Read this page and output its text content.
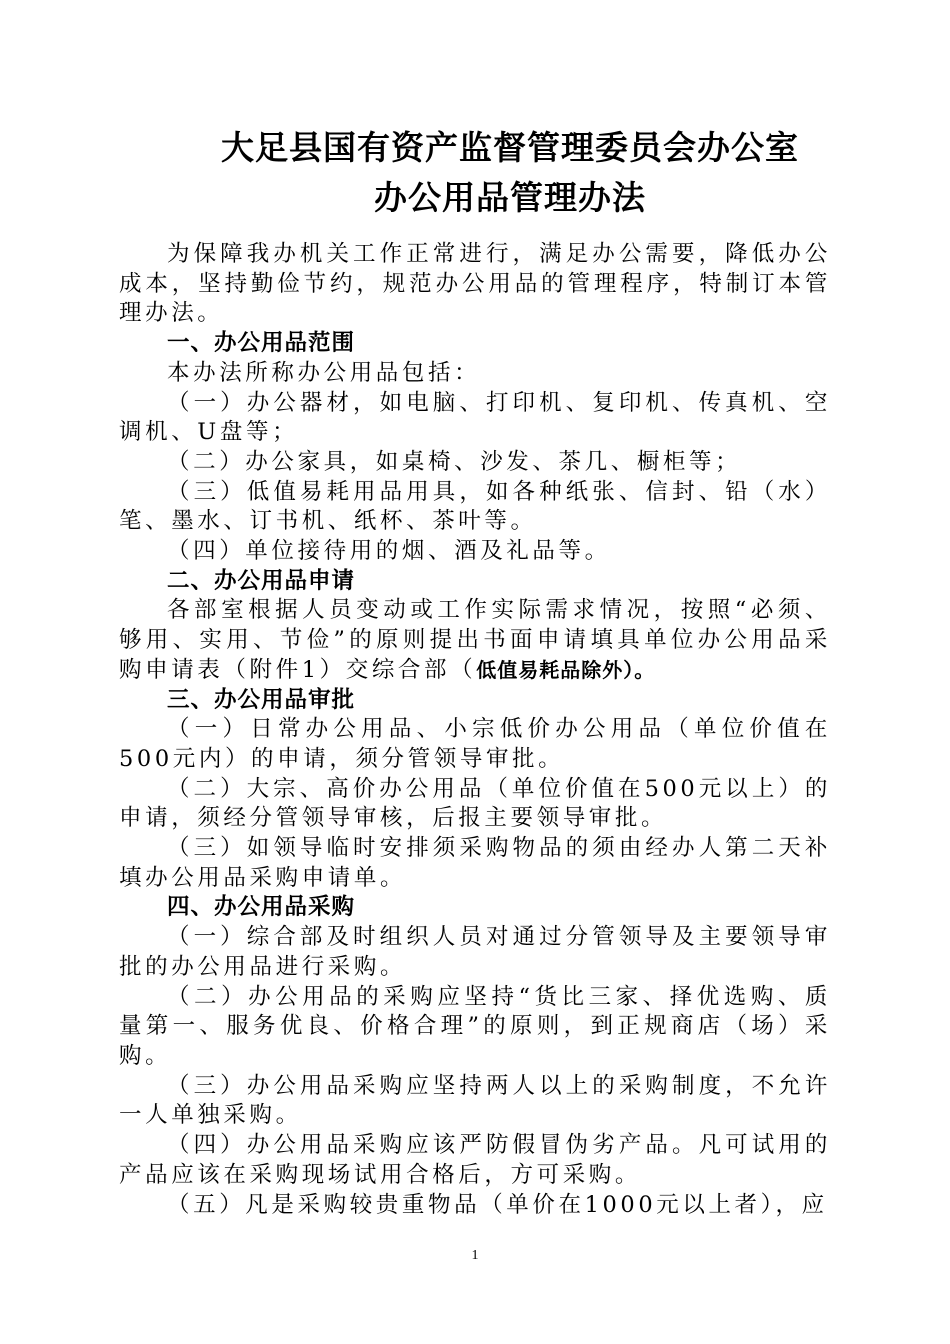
大足县国有资产监督管理委员会办公室
办公用品管理办法

为保障我办机关工作正常进行，满足办公需要，降低办公成本，坚持勤俭节约，规范办公用品的管理程序，特制订本管理办法。

一、办公用品范围

本办法所称办公用品包括：

（一）办公器材，如电脑、打印机、复印机、传真机、空调机、U盘等；

（二）办公家具，如桌椅、沙发、茶几、橱柜等；

（三）低值易耗用品用具，如各种纸张、信封、铅（水）笔、墨水、订书机、纸杯、茶叶等。

（四）单位接待用的烟、酒及礼品等。

二、办公用品申请

各部室根据人员变动或工作实际需求情况，按照“必须、够用、实用、节俭”的原则提出书面申请填具单位办公用品采购申请表（附件1）交综合部（低值易耗品除外）。

三、办公用品审批

（一）日常办公用品、小宗低价办公用品（单位价值在500元内）的申请，须分管领导审批。

（二）大宗、高价办公用品（单位价值在500元以上）的申请，须经分管领导审核，后报主要领导审批。

（三）如领导临时安排须采购物品的须由经办人第二天补填办公用品采购申请单。

四、办公用品采购

（一）综合部及时组织人员对通过分管领导及主要领导审批的办公用品进行采购。

（二）办公用品的采购应坚持“货比三家、择优选购、质量第一、服务优良、价格合理”的原则，到正规商店（场）采购。

（三）办公用品采购应坚持两人以上的采购制度，不允许一人单独采购。

（四）办公用品采购应该严防假冒伪劣产品。凡可试用的产品应该在采购现场试用合格后，方可采购。

（五）凡是采购较贵重物品（单价在1000元以上者），应

1
